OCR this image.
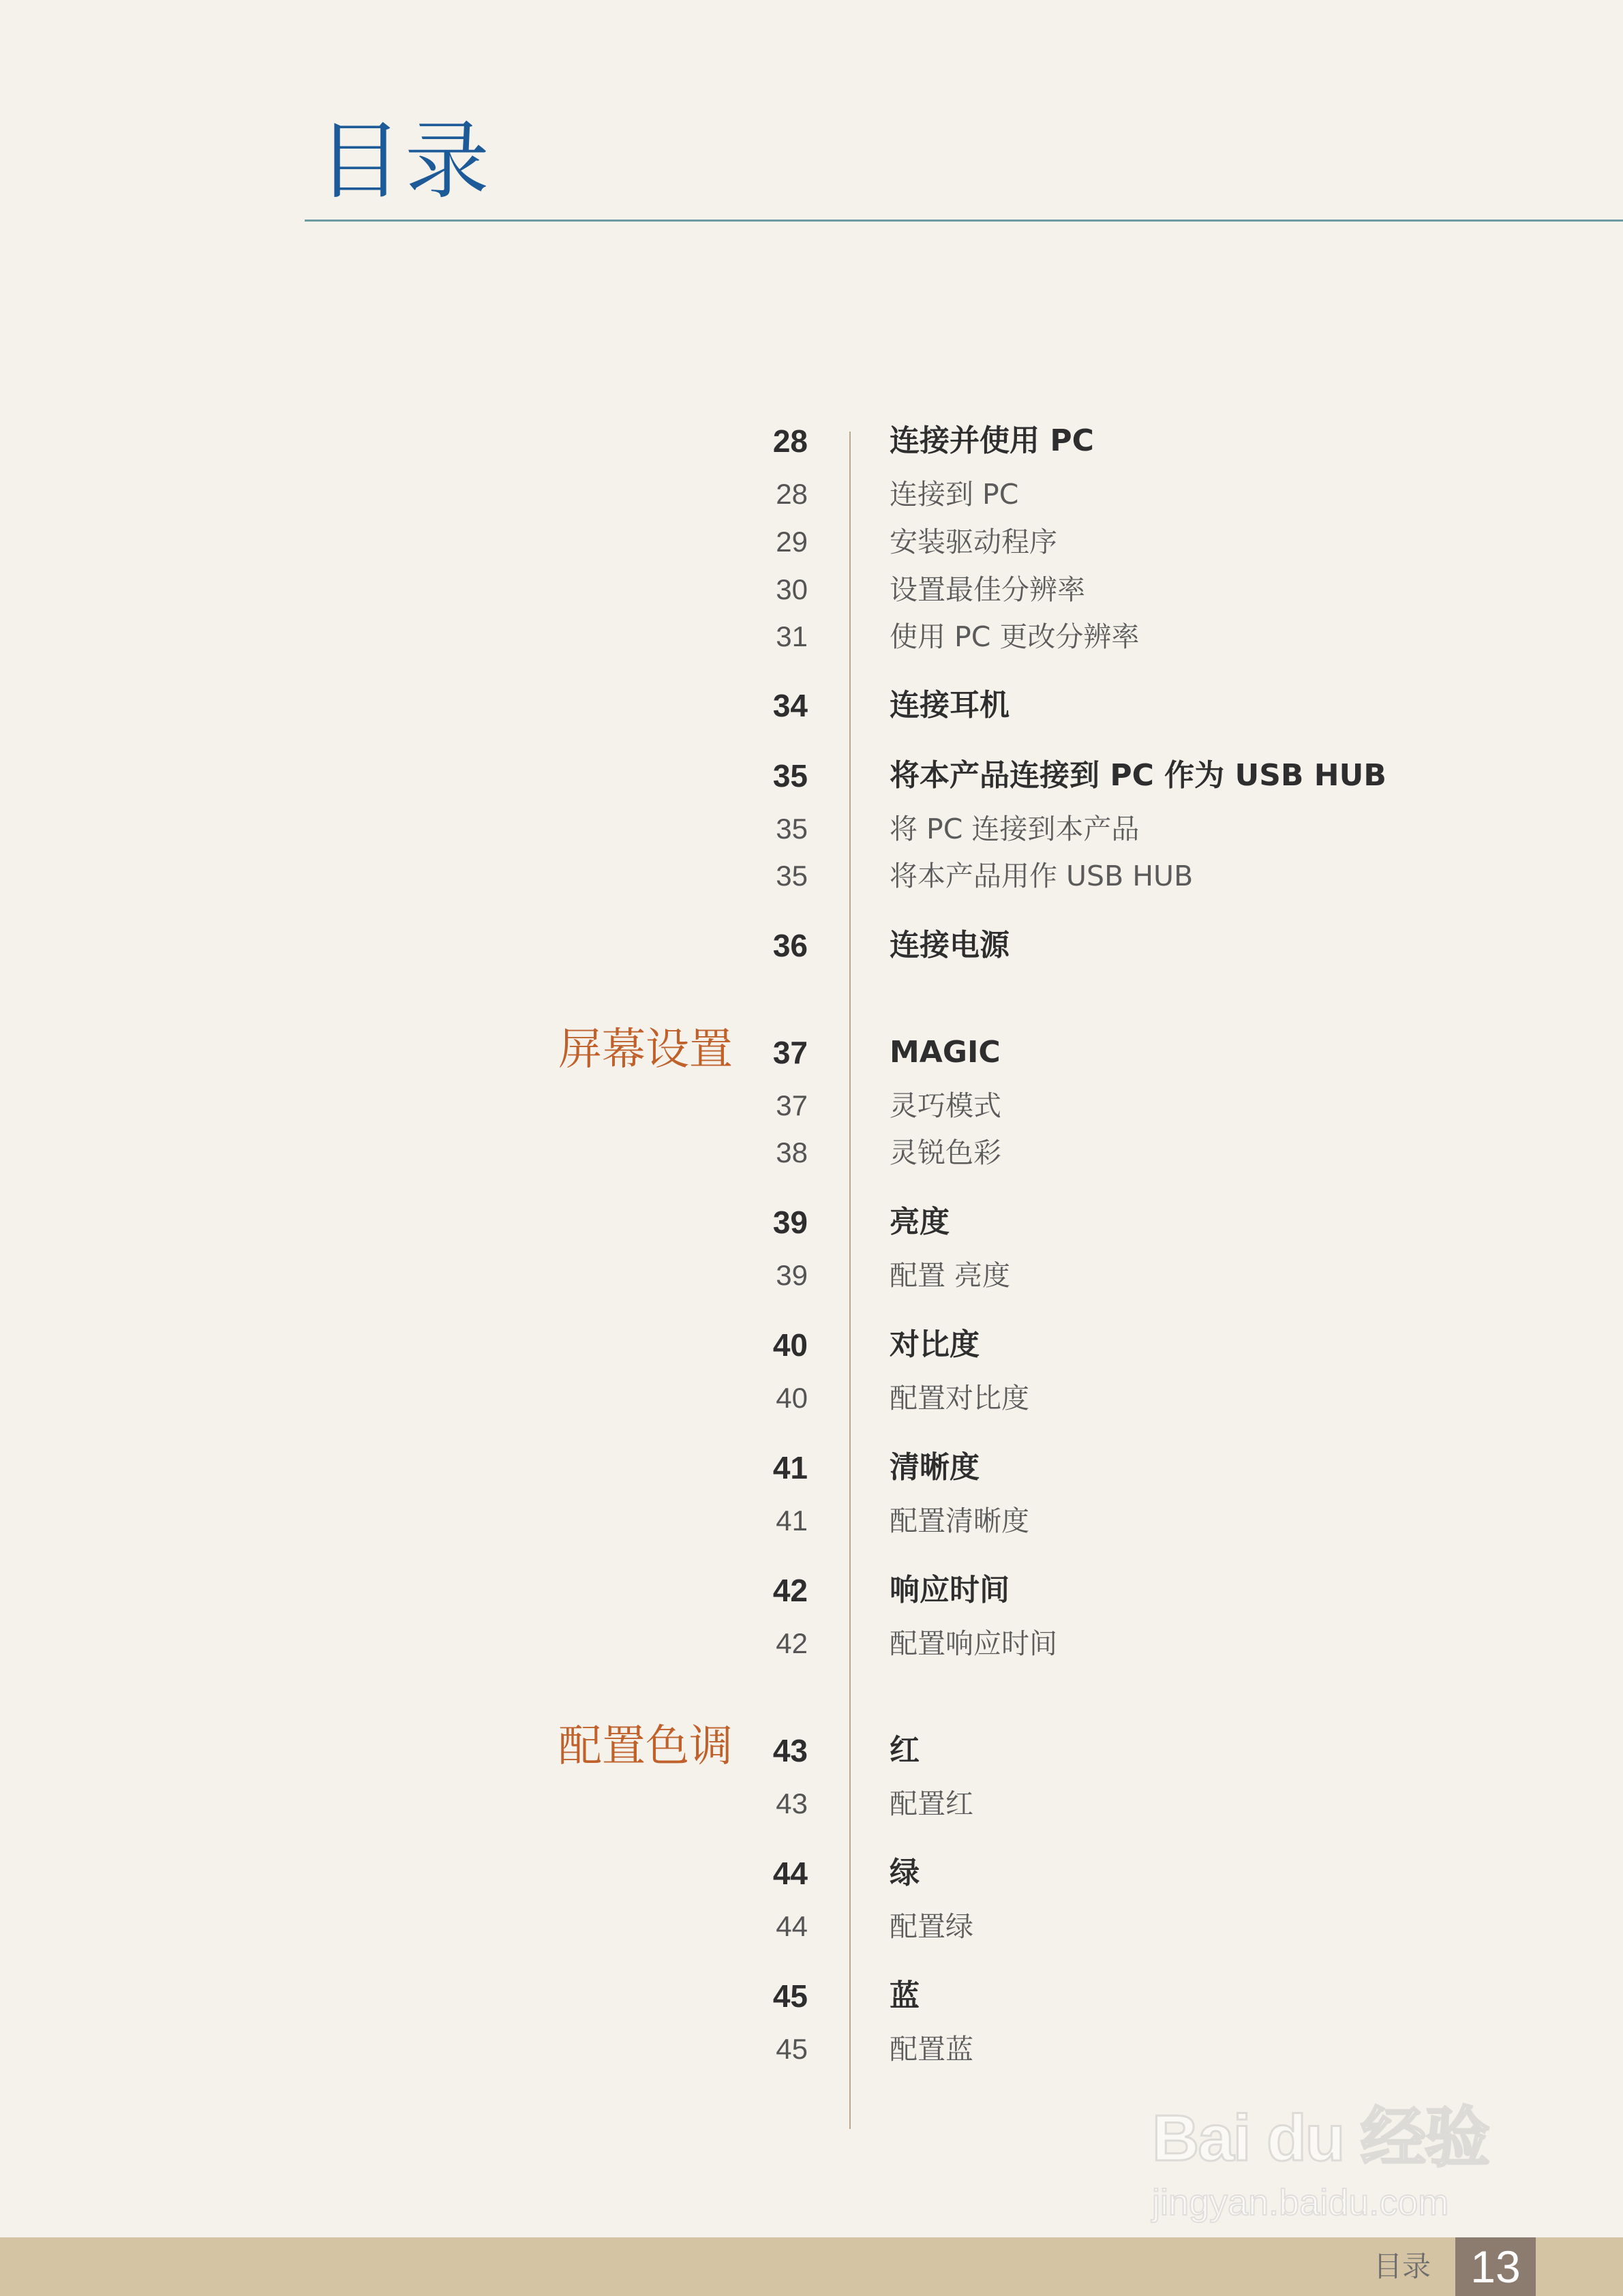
目录
屏幕设置
配置色调
28	连接并使用 PC
28	连接到 PC
29	安装驱动程序
30	设置最佳分辨率
31	使用 PC 更改分辨率
34	连接耳机
35	将本产品连接到 PC 作为 USB HUB
35	将 PC 连接到本产品
35	将本产品用作 USB HUB
36	连接电源
37	MAGIC
37	灵巧模式
38	灵锐色彩
39	亮度
39	配置 亮度
40	对比度
40	配置对比度
41	清晰度
41	配置清晰度
42	响应时间
42	配置响应时间
43	红
43	配置红
44	绿
44	配置绿
45	蓝
45	配置蓝
Bai du 经验
jingyan.baidu.com
目录 13
